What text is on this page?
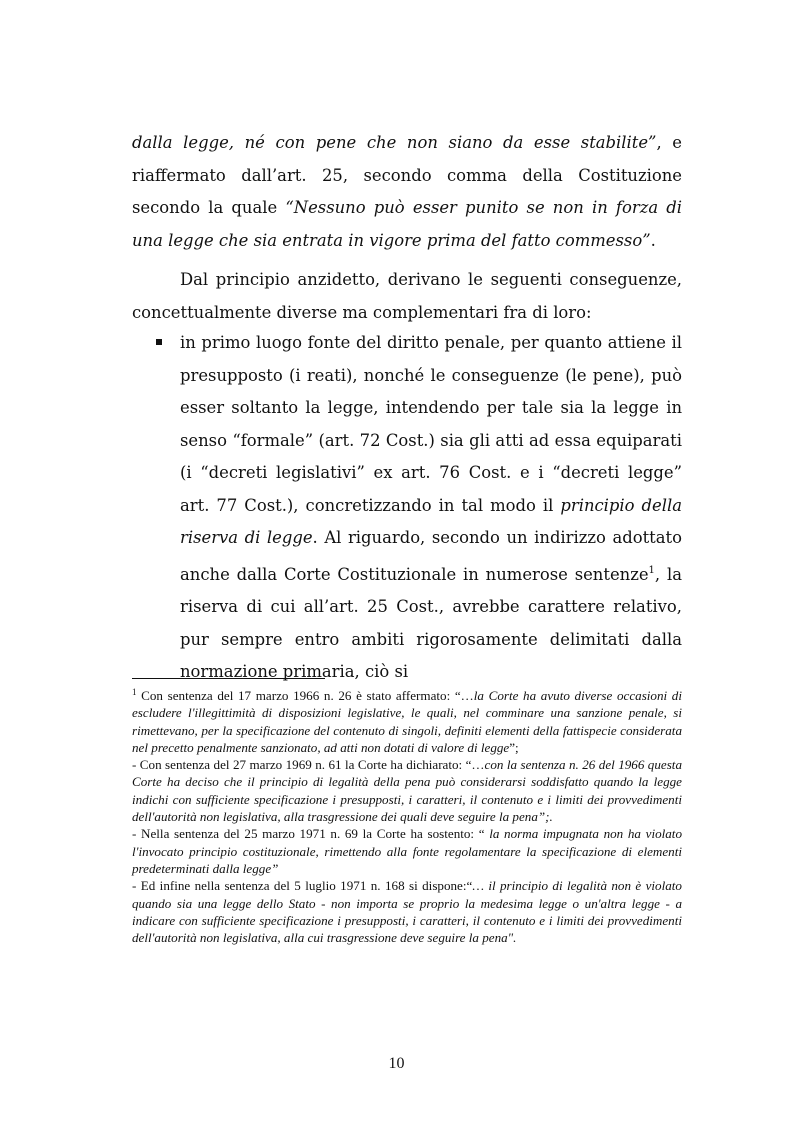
dalla legge, né con pene che non siano da esse stabilite”, e riaffermato dall’art. 25, secondo comma della Costituzione secondo la quale “Nessuno può esser punito se non in forza di una legge che sia entrata in vigore prima del fatto commesso”.

Dal principio anzidetto, derivano le seguenti conseguenze, concettualmente diverse ma complementari fra di loro:

in primo luogo fonte del diritto penale, per quanto attiene il presupposto (i reati), nonché le conseguenze (le pene), può esser soltanto la legge, intendendo per tale sia la legge in senso “formale” (art. 72 Cost.) sia gli atti ad essa equiparati (i “decreti legislativi” ex art. 76 Cost. e i “decreti legge” art. 77 Cost.), concretizzando in tal modo il principio della riserva di legge. Al riguardo, secondo un indirizzo adottato anche dalla Corte Costituzionale in numerose sentenze$^1$, la riserva di cui all’art. 25 Cost., avrebbe carattere relativo, pur sempre entro ambiti rigorosamente delimitati dalla normazione primaria, ciò si

$^1$ Con sentenza del 17 marzo 1966 n. 26 è stato affermato: “…la Corte ha avuto diverse occasioni di escludere l'illegittimità di disposizioni legislative, le quali, nel comminare una sanzione penale, si rimettevano, per la specificazione del contenuto di singoli, definiti elementi della fattispecie considerata nel precetto penalmente sanzionato, ad atti non dotati di valore di legge”;

- Con sentenza del 27 marzo 1969 n. 61 la Corte ha dichiarato: “…con la sentenza n. 26 del 1966 questa Corte ha deciso che il principio di legalità della pena può considerarsi soddisfatto quando la legge indichi con sufficiente specificazione i presupposti, i caratteri, il contenuto e i limiti dei provvedimenti dell'autorità non legislativa, alla trasgressione dei quali deve seguire la pena”;.

- Nella sentenza del 25 marzo 1971 n. 69 la Corte ha sostento: “ la norma impugnata non ha violato l'invocato principio costituzionale, rimettendo alla fonte regolamentare la specificazione di elementi predeterminati dalla legge”

- Ed infine nella sentenza del 5 luglio 1971 n. 168 si dispone:“… il principio di legalità non è violato quando sia una legge dello Stato - non importa se proprio la medesima legge o un'altra legge - a indicare con sufficiente specificazione i presupposti, i caratteri, il contenuto e i limiti dei provvedimenti dell'autorità non legislativa, alla cui trasgressione deve seguire la pena".

10
